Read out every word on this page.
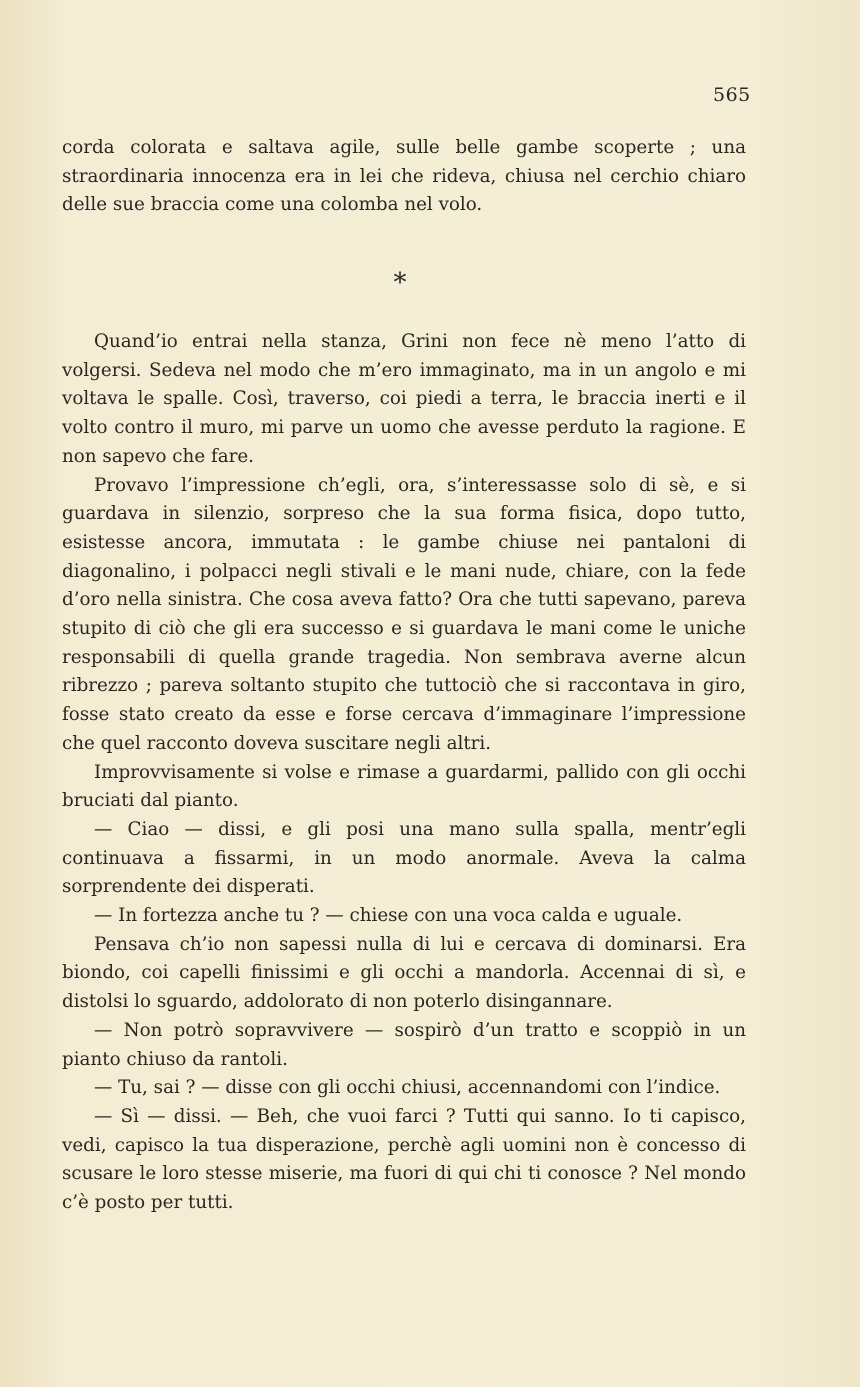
565

corda colorata e saltava agile, sulle belle gambe scoperte ; una straordinaria innocenza era in lei che rideva, chiusa nel cerchio chiaro delle sue braccia come una colomba nel volo.

*

Quand’io entrai nella stanza, Grini non fece nè meno l’atto di volgersi. Sedeva nel modo che m’ero immaginato, ma in un angolo e mi voltava le spalle. Così, traverso, coi piedi a terra, le braccia inerti e il volto contro il muro, mi parve un uomo che avesse perduto la ragione. E non sapevo che fare.

Provavo l’impressione ch’egli, ora, s’interessasse solo di sè, e si guardava in silenzio, sorpreso che la sua forma fisica, dopo tutto, esistesse ancora, immutata : le gambe chiuse nei pantaloni di diagonalino, i polpacci negli stivali e le mani nude, chiare, con la fede d’oro nella sinistra. Che cosa aveva fatto? Ora che tutti sapevano, pareva stupito di ciò che gli era successo e si guardava le mani come le uniche responsabili di quella grande tragedia. Non sembrava averne alcun ribrezzo ; pareva soltanto stupito che tuttociò che si raccontava in giro, fosse stato creato da esse e forse cercava d’immaginare l’impressione che quel racconto doveva suscitare negli altri.

Improvvisamente si volse e rimase a guardarmi, pallido con gli occhi bruciati dal pianto.

— Ciao — dissi, e gli posi una mano sulla spalla, mentr’egli continuava a fissarmi, in un modo anormale. Aveva la calma sorprendente dei disperati.

— In fortezza anche tu ? — chiese con una voca calda e uguale.

Pensava ch’io non sapessi nulla di lui e cercava di dominarsi. Era biondo, coi capelli finissimi e gli occhi a mandorla. Accennai di sì, e distolsi lo sguardo, addolorato di non poterlo disingannare.

— Non potrò sopravvivere — sospirò d’un tratto e scoppiò in un pianto chiuso da rantoli.

— Tu, sai ? — disse con gli occhi chiusi, accennandomi con l’indice.

— Sì — dissi. — Beh, che vuoi farci ? Tutti qui sanno. Io ti capisco, vedi, capisco la tua disperazione, perchè agli uomini non è concesso di scusare le loro stesse miserie, ma fuori di qui chi ti conosce ? Nel mondo c’è posto per tutti.
